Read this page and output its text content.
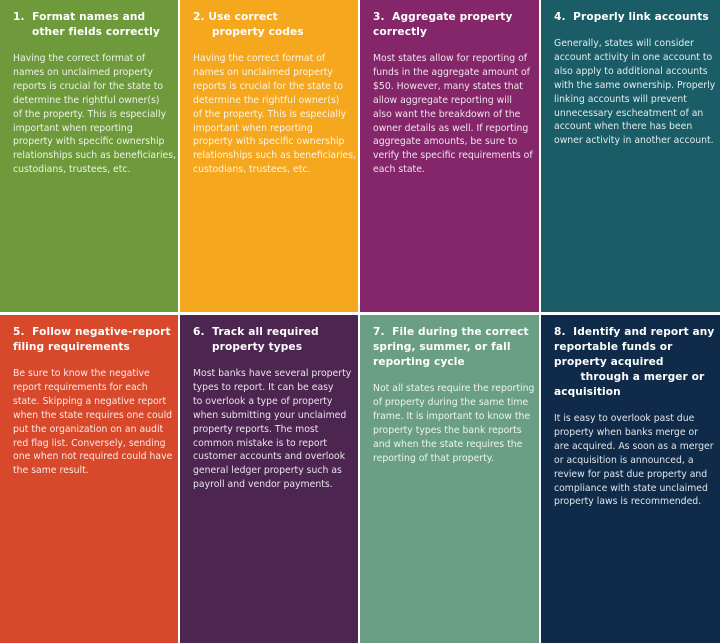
1.  Format names and
other fields correctly

Having the correct format of
names on unclaimed property
reports is crucial for the state to
determine the rightful owner(s)
of the property. This is especially
important when reporting
property with specific ownership
relationships such as beneficiaries,
custodians, trustees, etc.

2. Use correct
property codes

Having the correct format of
names on unclaimed property
reports is crucial for the state to
determine the rightful owner(s)
of the property. This is especially
important when reporting
property with specific ownership
relationships such as beneficiaries,
custodians, trustees, etc.

3.  Aggregate property
correctly

Most states allow for reporting of
funds in the aggregate amount of
$50. However, many states that
allow aggregate reporting will
also want the breakdown of the
owner details as well. If reporting
aggregate amounts, be sure to
verify the specific requirements of
each state.

4.  Properly link accounts

Generally, states will consider
account activity in one account to
also apply to additional accounts
with the same ownership. Properly
linking accounts will prevent
unnecessary escheatment of an
account when there has been
owner activity in another account.

5.  Follow negative-report
filing requirements

Be sure to know the negative
report requirements for each
state. Skipping a negative report
when the state requires one could
put the organization on an audit
red flag list. Conversely, sending
one when not required could have
the same result.

6.  Track all required
property types

Most banks have several property
types to report. It can be easy
to overlook a type of property
when submitting your unclaimed
property reports. The most
common mistake is to report
customer accounts and overlook
general ledger property such as
payroll and vendor payments.

7.  File during the correct
spring, summer, or fall
reporting cycle

Not all states require the reporting
of property during the same time
frame. It is important to know the
property types the bank reports
and when the state requires the
reporting of that property.

8.  Identify and report any
reportable funds or
property acquired
through a merger or
acquisition

It is easy to overlook past due
property when banks merge or
are acquired. As soon as a merger
or acquisition is announced, a
review for past due property and
compliance with state unclaimed
property laws is recommended.
